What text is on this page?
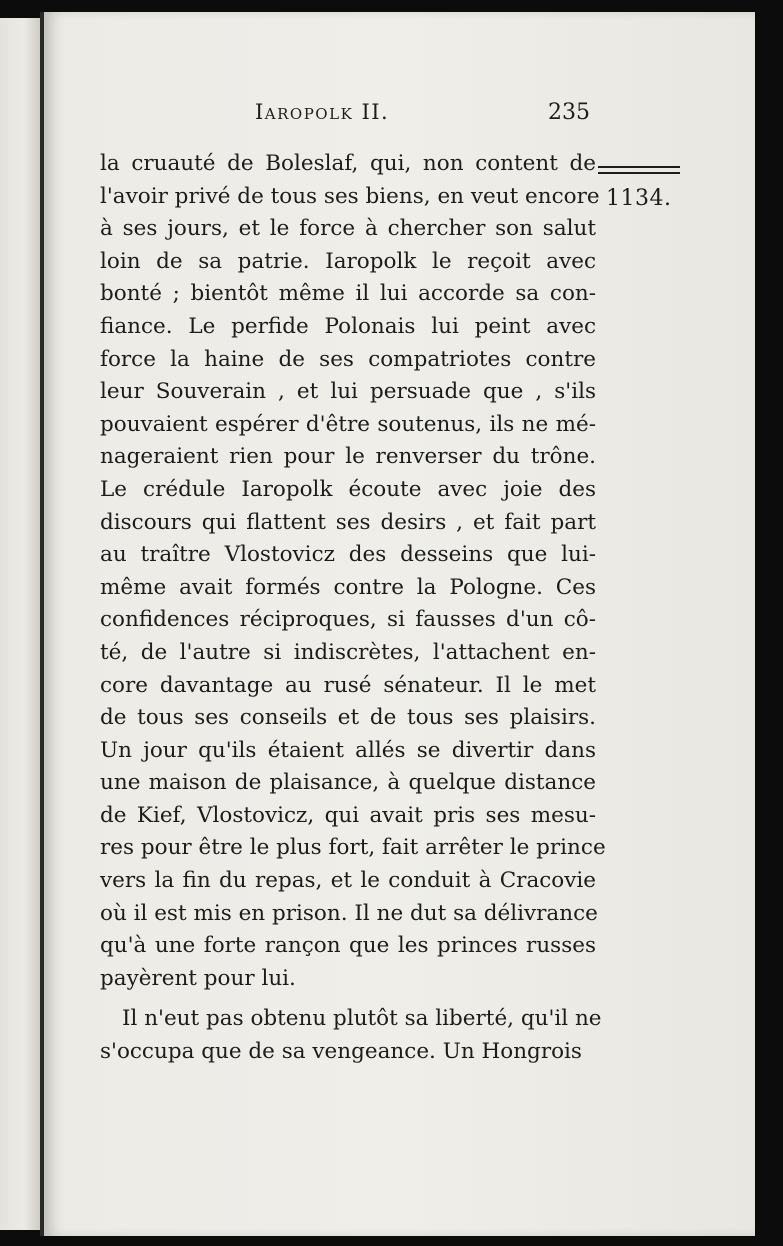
Iaropolk II.	235
1134.
la cruauté de Boleslaf, qui, non content de
l'avoir privé de tous ses biens, en veut encore
à ses jours, et le force à chercher son salut
loin de sa patrie. Iaropolk le reçoit avec
bonté ; bientôt même il lui accorde sa con-
fiance. Le perfide Polonais lui peint avec
force la haine de ses compatriotes contre
leur Souverain , et lui persuade que , s'ils
pouvaient espérer d'être soutenus, ils ne mé-
nageraient rien pour le renverser du trône.
Le crédule Iaropolk écoute avec joie des
discours qui flattent ses desirs , et fait part
au traître Vlostovicz des desseins que lui-
même avait formés contre la Pologne. Ces
confidences réciproques, si fausses d'un cô-
té, de l'autre si indiscrètes, l'attachent en-
core davantage au rusé sénateur. Il le met
de tous ses conseils et de tous ses plaisirs.
Un jour qu'ils étaient allés se divertir dans
une maison de plaisance, à quelque distance
de Kief, Vlostovicz, qui avait pris ses mesu-
res pour être le plus fort, fait arrêter le prince
vers la fin du repas, et le conduit à Cracovie
où il est mis en prison. Il ne dut sa délivrance
qu'à une forte rançon que les princes russes
payèrent pour lui.
Il n'eut pas obtenu plutôt sa liberté, qu'il ne
s'occupa que de sa vengeance. Un Hongrois
